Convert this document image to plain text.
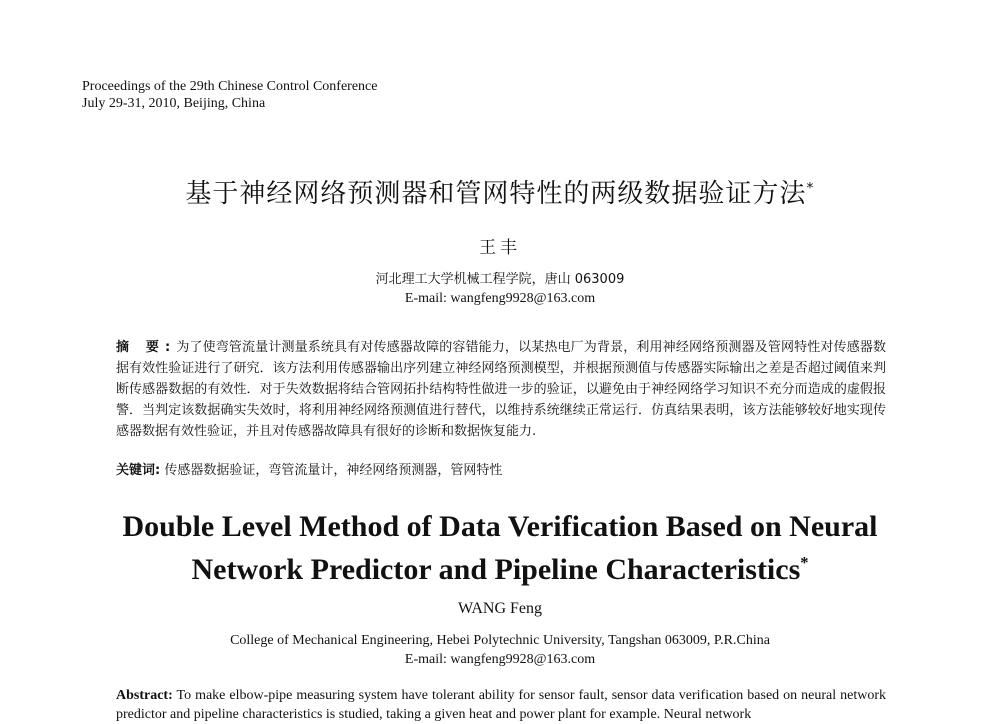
Proceedings of the 29th Chinese Control Conference
July 29-31, 2010, Beijing, China
基于神经网络预测器和管网特性的两级数据验证方法*
王丰
河北理工大学机械工程学院，唐山 063009
E-mail: wangfeng9928@163.com
摘 要:为了使弯管流量计测量系统具有对传感器故障的容错能力，以某热电厂为背景，利用神经网络预测器及管网特性对传感器数据有效性验证进行了研究．该方法利用传感器输出序列建立神经网络预测模型，并根据预测值与传感器实际输出之差是否超过阈值来判断传感器数据的有效性．对于失效数据将结合管网拓扑结构特性做进一步的验证，以避免由于神经网络学习知识不充分而造成的虚假报警．当判定该数据确实失效时，将利用神经网络预测值进行替代，以维持系统继续正常运行．仿真结果表明，该方法能够较好地实现传感器数据有效性验证，并且对传感器故障具有很好的诊断和数据恢复能力.
关键词: 传感器数据验证，弯管流量计，神经网络预测器，管网特性
Double Level Method of Data Verification Based on Neural
Network Predictor and Pipeline Characteristics*
WANG Feng
College of Mechanical Engineering, Hebei Polytechnic University, Tangshan 063009, P.R.China
E-mail: wangfeng9928@163.com
Abstract: To make elbow-pipe measuring system have tolerant ability for sensor fault, sensor data verification based on neural network predictor and pipeline characteristics is studied, taking a given heat and power plant for example. Neural network
